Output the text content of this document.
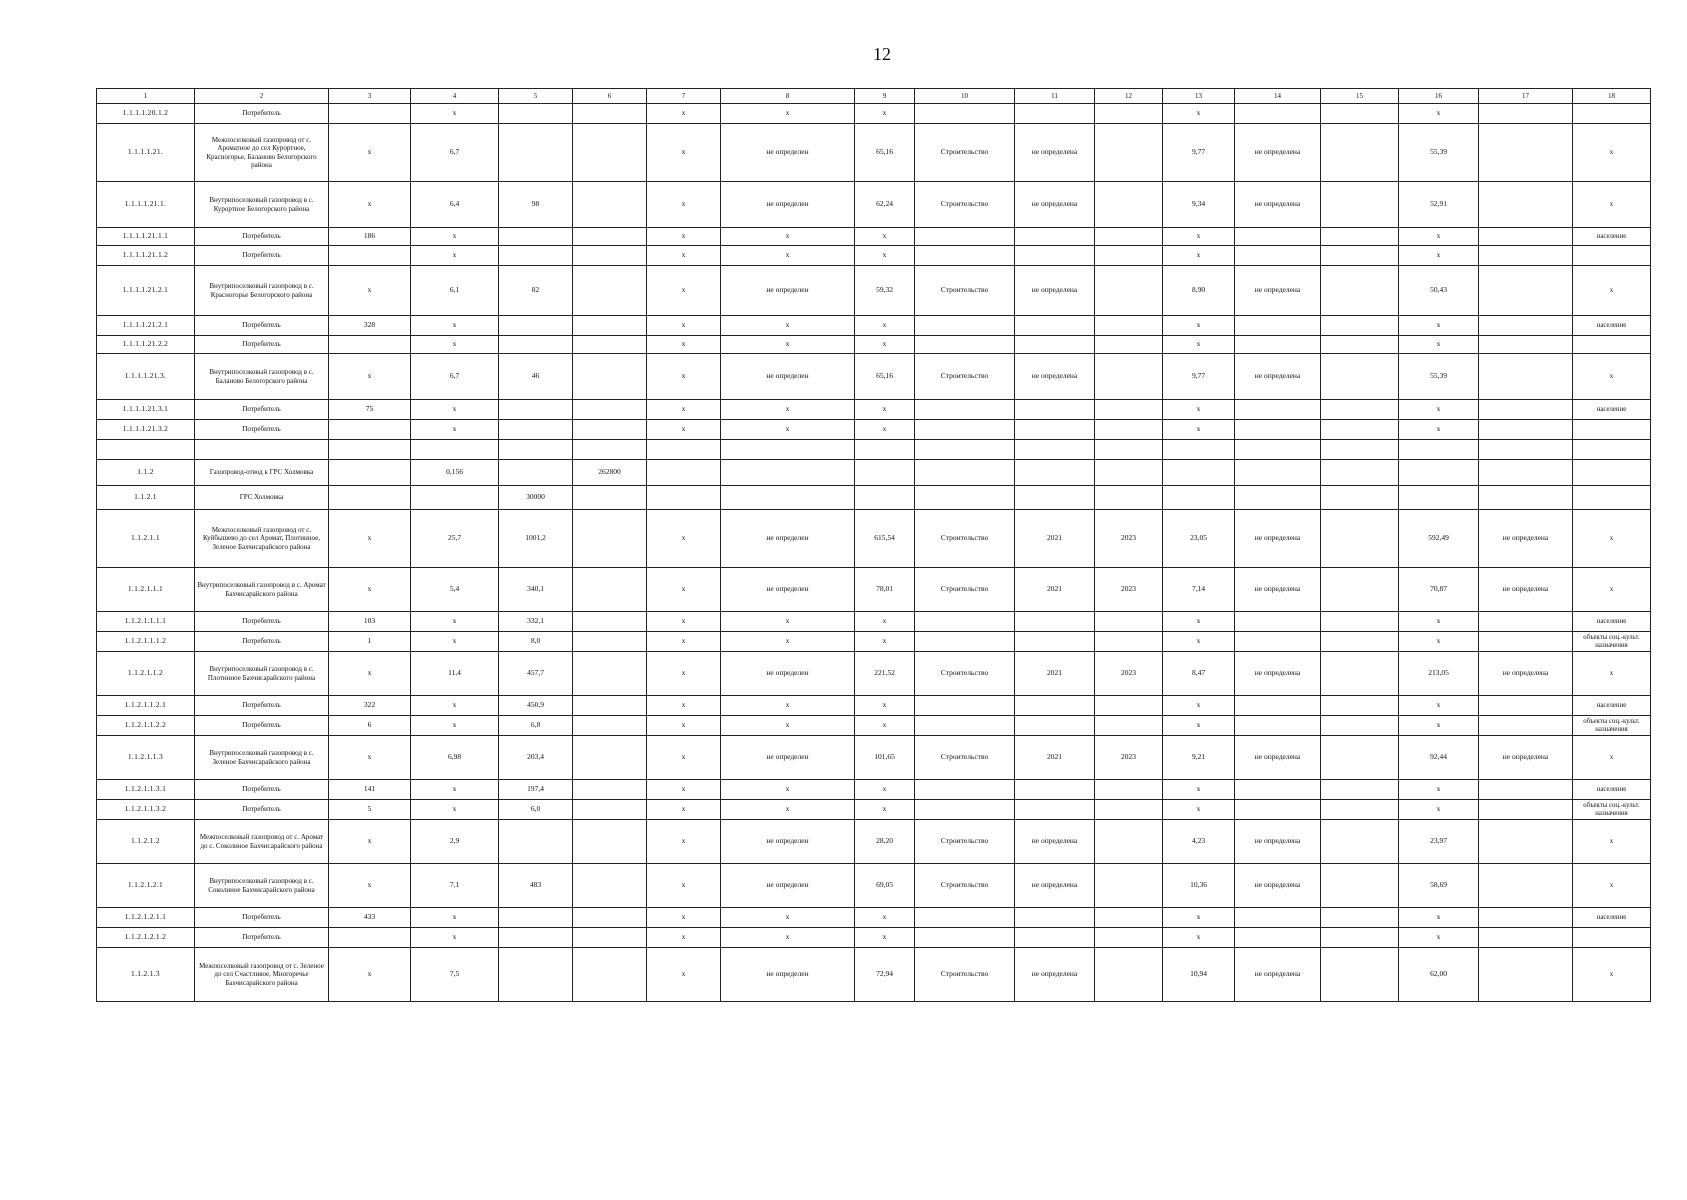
12
1	2	3	4	5	6	7	8	9	10	11	12	13	14	15	16	17	18
1.1.1.1.20.1.2	Потребитель		х			х	х	х				х			х		
1.1.1.1.21.	Межпоселковый газопровод от с. Ароматное до сел Курортное, Красногорье, Баланово Белогорского района	х	6,7			х	не определен	65,16	Строительство	не определена		9,77	не определена		55,39		х
1.1.1.1.21.1.	Внутрипоселковый газопровод в с. Курортное Белогорского района	х	6,4	98		х	не определен	62,24	Строительство	не определена		9,34	не определена		52,91		х
1.1.1.1.21.1.1	Потребитель	186	х			х	х	х				х			х		население
1.1.1.1.21.1.2	Потребитель		х			х	х	х				х			х		
1.1.1.1.21.2.1	Внутрипоселковый газопровод в с. Красногорье Белогорского района	х	6,1	82		х	не определен	59,32	Строительство	не определена		8,90	не определена		50,43		х
1.1.1.1.21.2.1	Потребитель	328	х			х	х	х				х			х		население
1.1.1.1.21.2.2	Потребитель		х			х	х	х				х			х		
1.1.1.1.21.3.	Внутрипоселковый газопровод в с. Баланово Белогорского района	х	6,7	46		х	не определен	65,16	Строительство	не определена		9,77	не определена		55,39		х
1.1.1.1.21.3.1	Потребитель	75	х			х	х	х				х			х		население
1.1.1.1.21.3.2	Потребитель		х			х	х	х				х			х		

1.1.2	Газопровод-отвод к ГРС Холмовка		0,156		262800												
1.1.2.1	ГРС Холмовка			30000													
1.1.2.1.1	Межпоселковый газопровод от с. Куйбышево до сел Аромат, Плотинное, Зеленое Бахчисарайского района	х	25,7	1001,2		х	не определен	615,54	Строительство	2021	2023	23,05	не определена		592,49	не определена	х
1.1.2.1.1.1	Внутрипоселковый газопровод в с. Аромат Бахчисарайского района	х	5,4	340,1		х	не определен	78,01	Строительство	2021	2023	7,14	не определена		70,87	не определена	х
1.1.2.1.1.1.1	Потребитель	103	х	332,1		х	х	х				х			х		население
1.1.2.1.1.1.2	Потребитель	1	х	8,0		х	х	х				х			х		объекты соц.-культ. назначения
1.1.2.1.1.2	Внутрипоселковый газопровод в с. Плотинное Бахчисарайского района	х	11,4	457,7		х	не определен	221,52	Строительство	2021	2023	8,47	не определена		213,05	не определена	х
1.1.2.1.1.2.1	Потребитель	322	х	450,9		х	х	х				х			х		население
1.1.2.1.1.2.2	Потребитель	6	х	6,8		х	х	х				х			х		объекты соц.-культ. назначения
1.1.2.1.1.3	Внутрипоселковый газопровод в с. Зеленое Бахчисарайского района	х	6,98	203,4		х	не определен	101,65	Строительство	2021	2023	9,21	не определена		92,44	не определена	х
1.1.2.1.1.3.1	Потребитель	141	х	197,4		х	х	х				х			х		население
1.1.2.1.1.3.2	Потребитель	5	х	6,0		х	х	х				х			х		объекты соц.-культ. назначения
1.1.2.1.2	Межпоселковый газопровод от с. Аромат до с. Соколиное Бахчисарайского района	х	2,9			х	не определен	28,20	Строительство	не определена		4,23	не определена		23,97		х
1.1.2.1.2.1	Внутрипоселковый газопровод в с. Соколиное Бахчисарайского района	х	7,1	483		х	не определен	69,05	Строительство	не определена		10,36	не определена		58,69		х
1.1.2.1.2.1.1	Потребитель	433	х			х	х	х				х			х		население
1.1.2.1.2.1.2	Потребитель		х			х	х	х				х			х		
1.1.2.1.3	Межпоселковый газопровод от с. Зеленое до сел Счастливое, Многоречье Бахчисарайского района	х	7,5			х	не определен	72,94	Строительство	не определена		10,94	не определена		62,00		х
